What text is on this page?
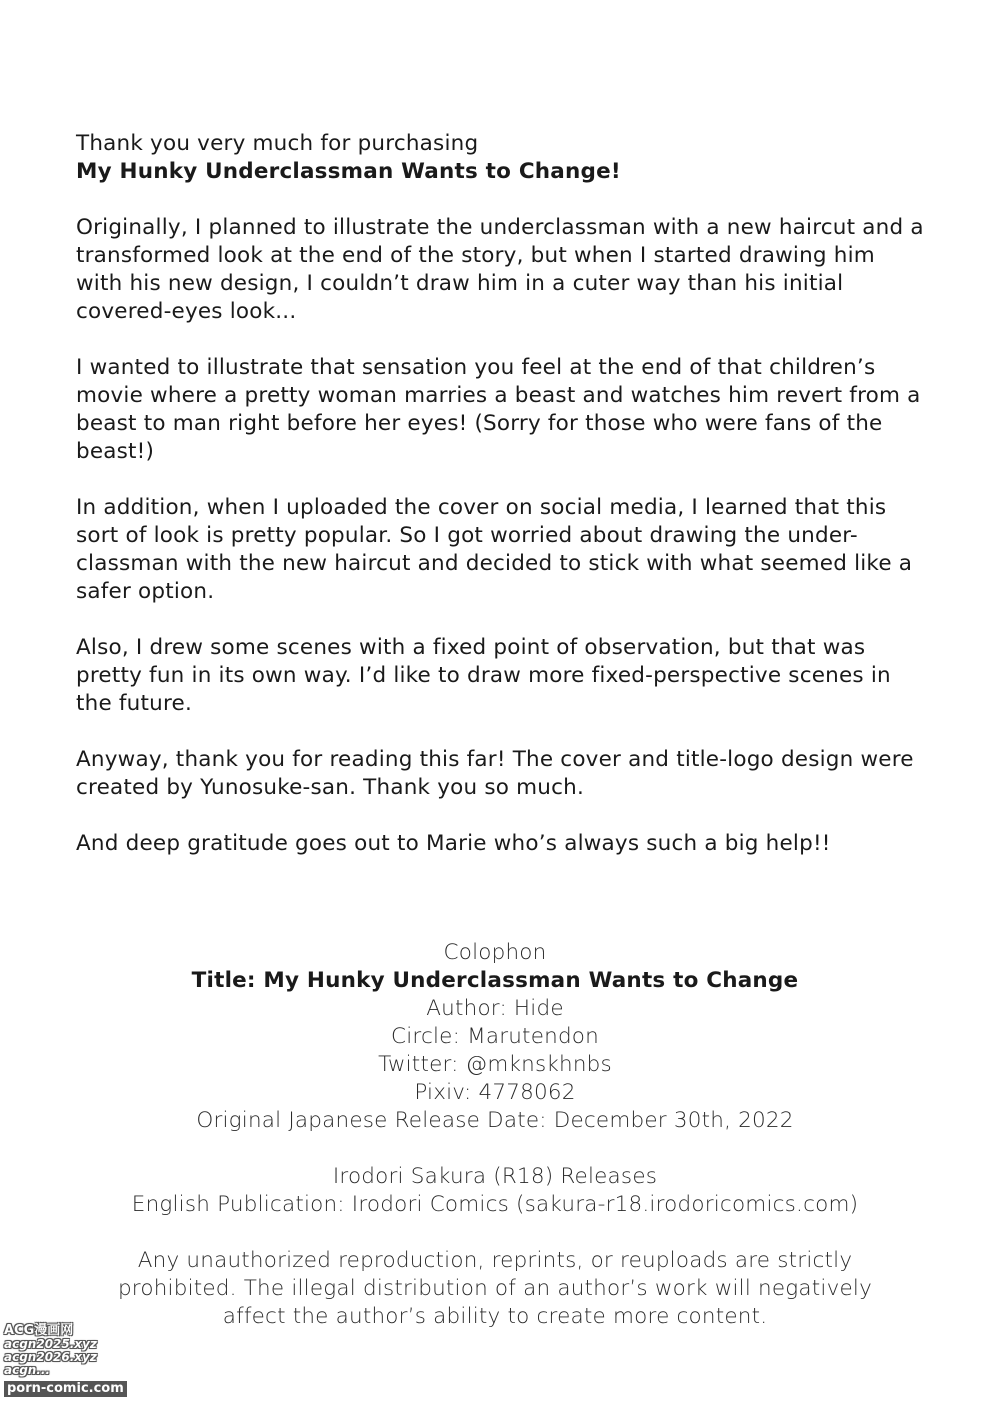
Thank you very much for purchasing
My Hunky Underclassman Wants to Change!

Originally, I planned to illustrate the underclassman with a new haircut and a transformed look at the end of the story, but when I started drawing him with his new design, I couldn’t draw him in a cuter way than his initial covered-eyes look...

I wanted to illustrate that sensation you feel at the end of that children’s movie where a pretty woman marries a beast and watches him revert from a beast to man right before her eyes! (Sorry for those who were fans of the beast!)

In addition, when I uploaded the cover on social media, I learned that this sort of look is pretty popular. So I got worried about drawing the under-classman with the new haircut and decided to stick with what seemed like a safer option.

Also, I drew some scenes with a fixed point of observation, but that was pretty fun in its own way. I’d like to draw more fixed-perspective scenes in the future.

Anyway, thank you for reading this far! The cover and title-logo design were created by Yunosuke-san. Thank you so much.

And deep gratitude goes out to Marie who’s always such a big help!!

Colophon
Title: My Hunky Underclassman Wants to Change
Author: Hide
Circle: Marutendon
Twitter: @mknskhnbs
Pixiv: 4778062
Original Japanese Release Date: December 30th, 2022
Irodori Sakura (R18) Releases
English Publication: Irodori Comics (sakura-r18.irodoricomics.com)
Any unauthorized reproduction, reprints, or reuploads are strictly
prohibited. The illegal distribution of an author’s work will negatively
affect the author’s ability to create more content.
ACG漫画网
acgn2025.xyz
acgn2026.xyz
acgn...
porn-comic.com
